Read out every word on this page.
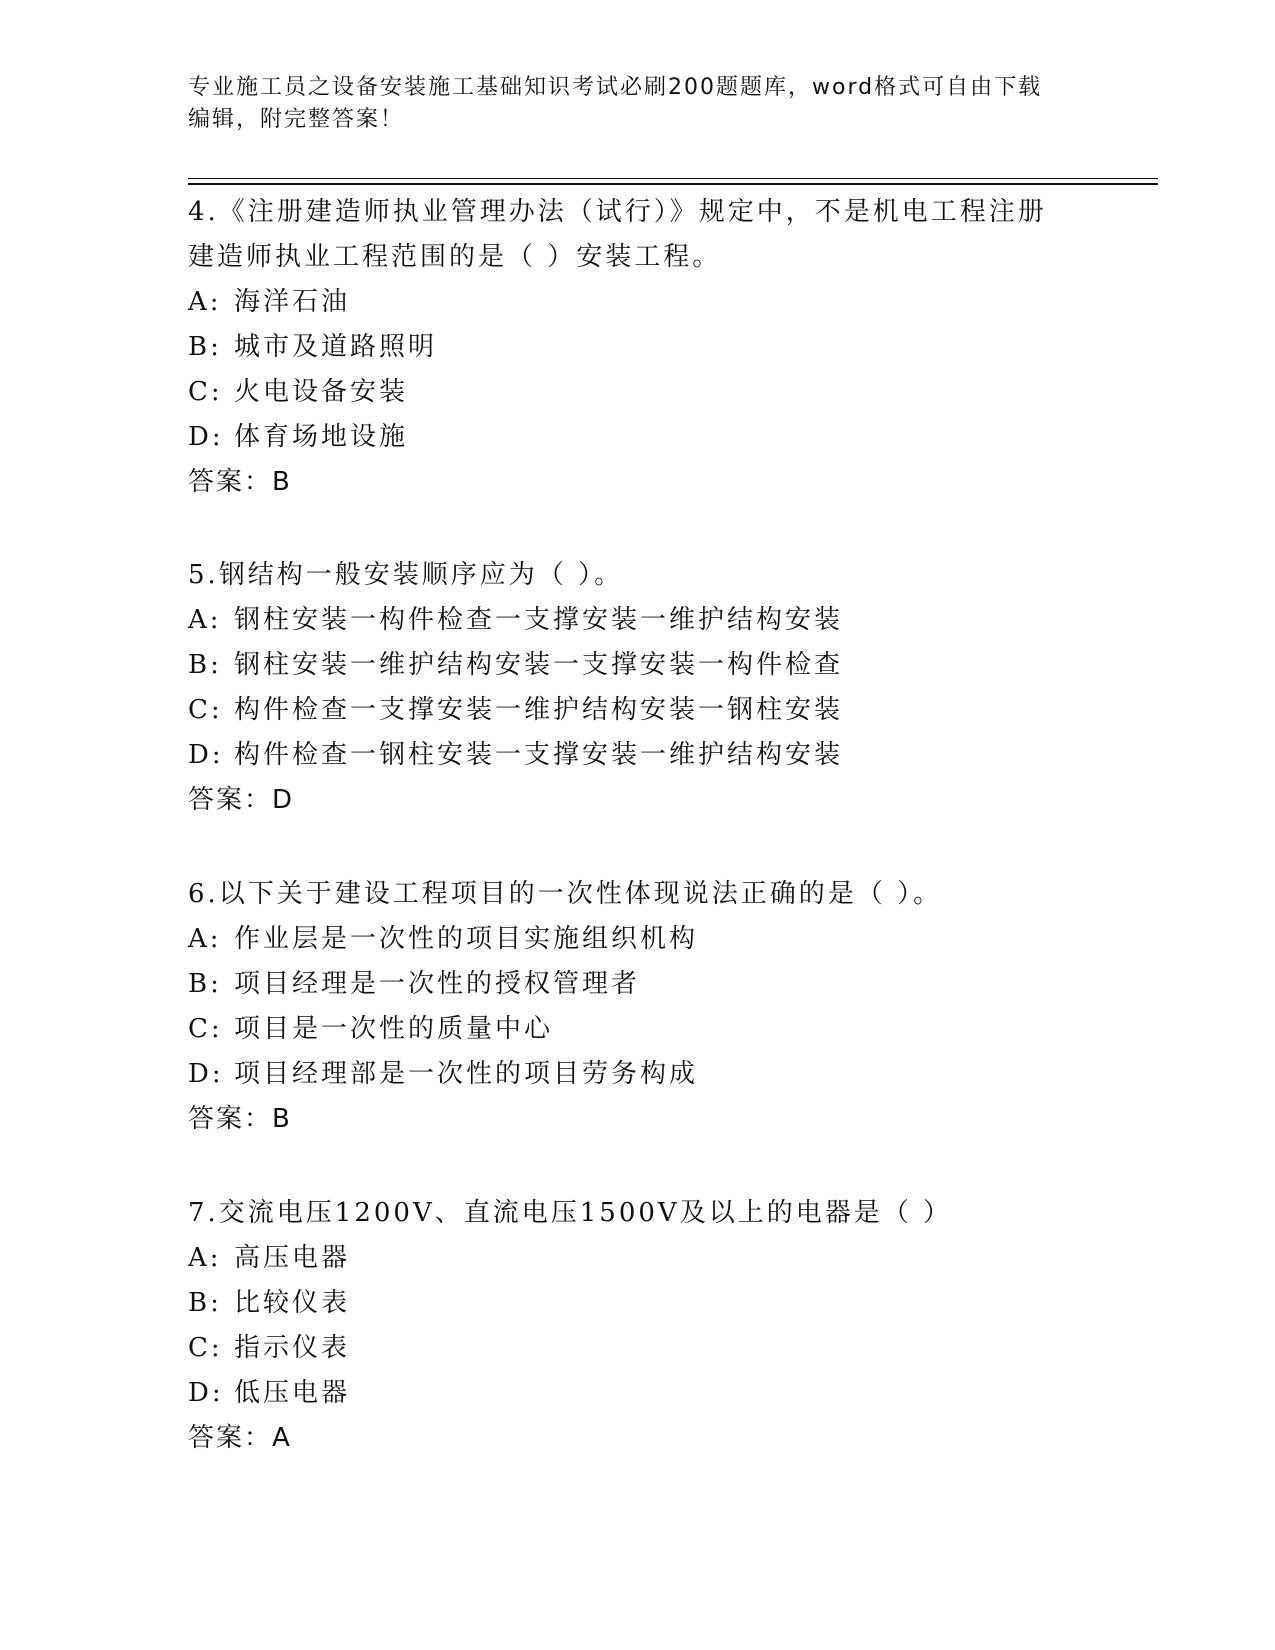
专业施工员之设备安装施工基础知识考试必刷200题题库，word格式可自由下载
编辑，附完整答案！
4.《注册建造师执业管理办法（试行）》规定中，不是机电工程注册
建造师执业工程范围的是（ ）安装工程。
A: 海洋石油
B: 城市及道路照明
C: 火电设备安装
D: 体育场地设施
答案：B
5.钢结构一般安装顺序应为（ ）。
A: 钢柱安装一构件检查一支撑安装一维护结构安装
B: 钢柱安装一维护结构安装一支撑安装一构件检查
C: 构件检查一支撑安装一维护结构安装一钢柱安装
D: 构件检查一钢柱安装一支撑安装一维护结构安装
答案：D
6.以下关于建设工程项目的一次性体现说法正确的是（ ）。
A: 作业层是一次性的项目实施组织机构
B: 项目经理是一次性的授权管理者
C: 项目是一次性的质量中心
D: 项目经理部是一次性的项目劳务构成
答案：B
7.交流电压1200V、直流电压1500V及以上的电器是（ ）
A: 高压电器
B: 比较仪表
C: 指示仪表
D: 低压电器
答案：A
